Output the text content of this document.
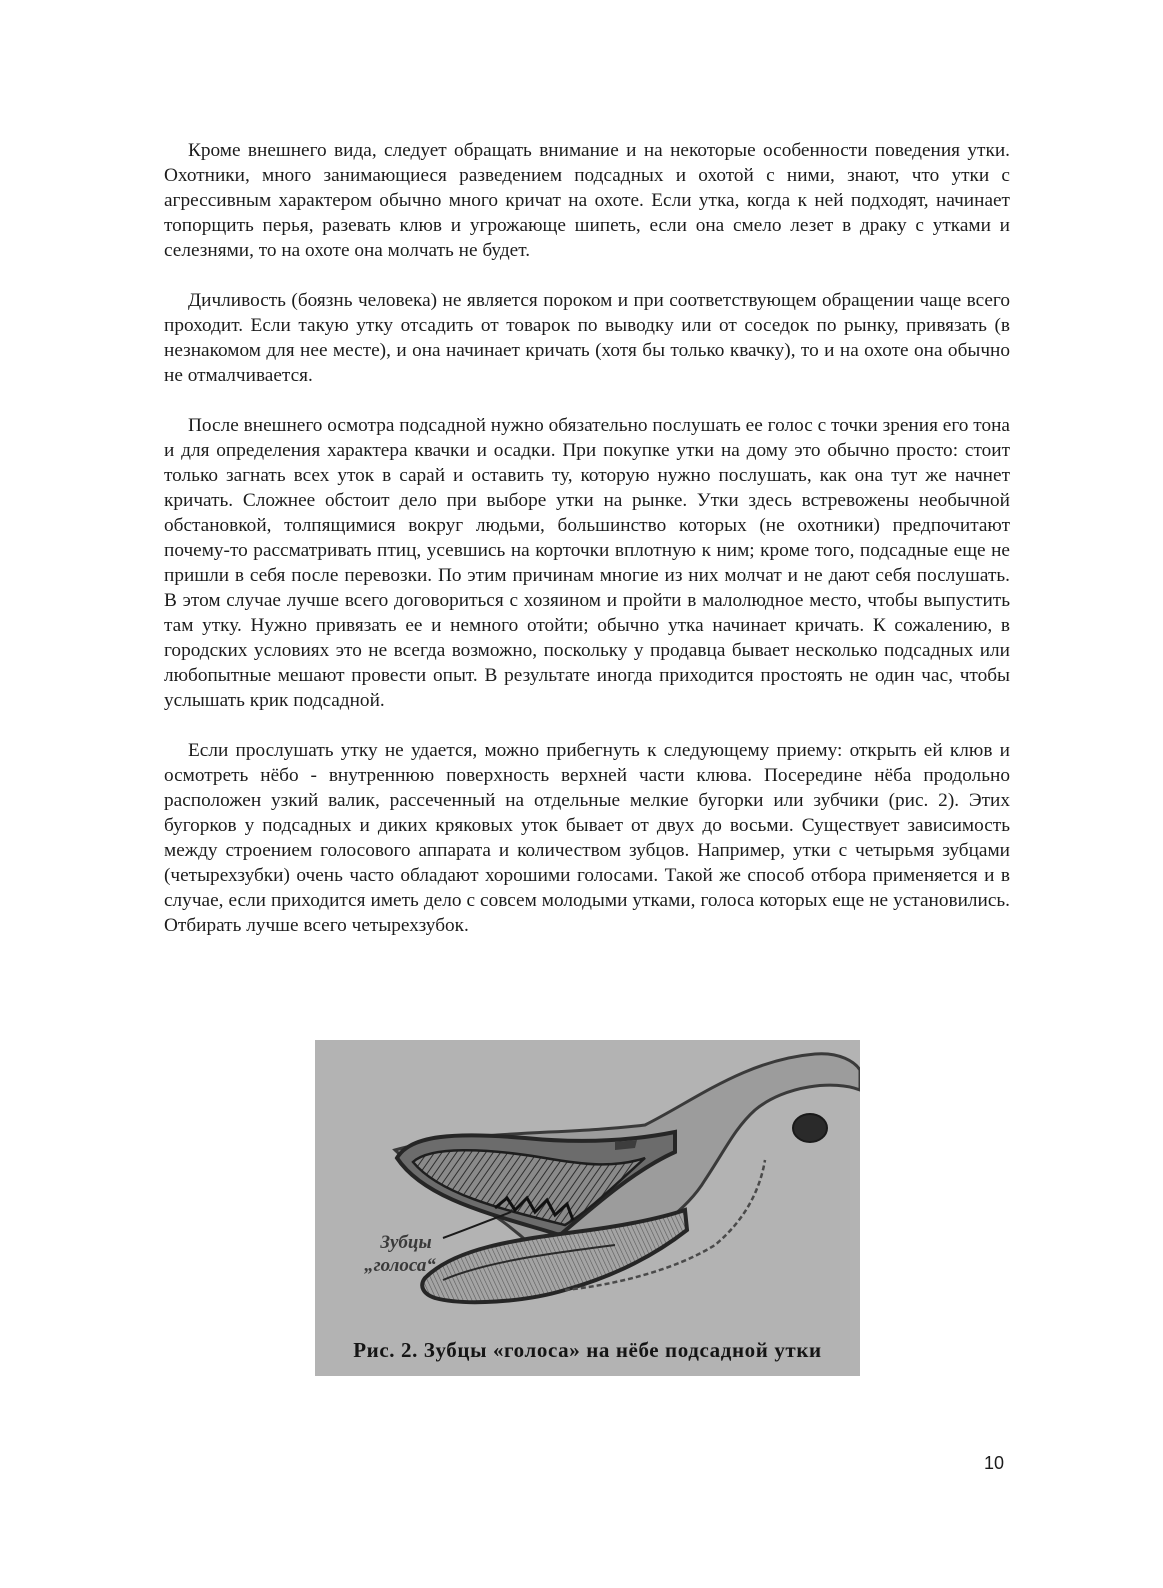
Кроме внешнего вида, следует обращать внимание и на некоторые особенности поведения утки. Охотники, много занимающиеся разведением подсадных и охотой с ними, знают, что утки с агрессивным характером обычно много кричат на охоте. Если утка, когда к ней подходят, начинает топорщить перья, разевать клюв и угрожающе шипеть, если она смело лезет в драку с утками и селезнями, то на охоте она молчать не будет.

Дичливость (боязнь человека) не является пороком и при соответствующем обращении чаще всего проходит. Если такую утку отсадить от товарок по выводку или от соседок по рынку, привязать (в незнакомом для нее месте), и она начинает кричать (хотя бы только квачку), то и на охоте она обычно не отмалчивается.

После внешнего осмотра подсадной нужно обязательно послушать ее голос с точки зрения его тона и для определения характера квачки и осадки. При покупке утки на дому это обычно просто: стоит только загнать всех уток в сарай и оставить ту, которую нужно послушать, как она тут же начнет кричать. Сложнее обстоит дело при выборе утки на рынке. Утки здесь встревожены необычной обстановкой, толпящимися вокруг людьми, большинство которых (не охотники) предпочитают почему-то рассматривать птиц, усевшись на корточки вплотную к ним; кроме того, подсадные еще не пришли в себя после перевозки. По этим причинам многие из них молчат и не дают себя послушать. В этом случае лучше всего договориться с хозяином и пройти в малолюдное место, чтобы выпустить там утку. Нужно привязать ее и немного отойти; обычно утка начинает кричать. К сожалению, в городских условиях это не всегда возможно, поскольку у продавца бывает несколько подсадных или любопытные мешают провести опыт. В результате иногда приходится простоять не один час, чтобы услышать крик подсадной.

Если прослушать утку не удается, можно прибегнуть к следующему приему: открыть ей клюв и осмотреть нёбо - внутреннюю поверхность верхней части клюва. Посередине нёба продольно расположен узкий валик, рассеченный на отдельные мелкие бугорки или зубчики (рис. 2). Этих бугорков у подсадных и диких кряковых уток бывает от двух до восьми. Существует зависимость между строением голосового аппарата и количеством зубцов. Например, утки с четырьмя зубцами (четырехзубки) очень часто обладают хорошими голосами. Такой же способ отбора применяется и в случае, если приходится иметь дело с совсем молодыми утками, голоса которых еще не установились. Отбирать лучше всего четырехзубок.

Зубцы
„голоса“
Рис. 2. Зубцы «голоса» на нёбе подсадной утки
10
